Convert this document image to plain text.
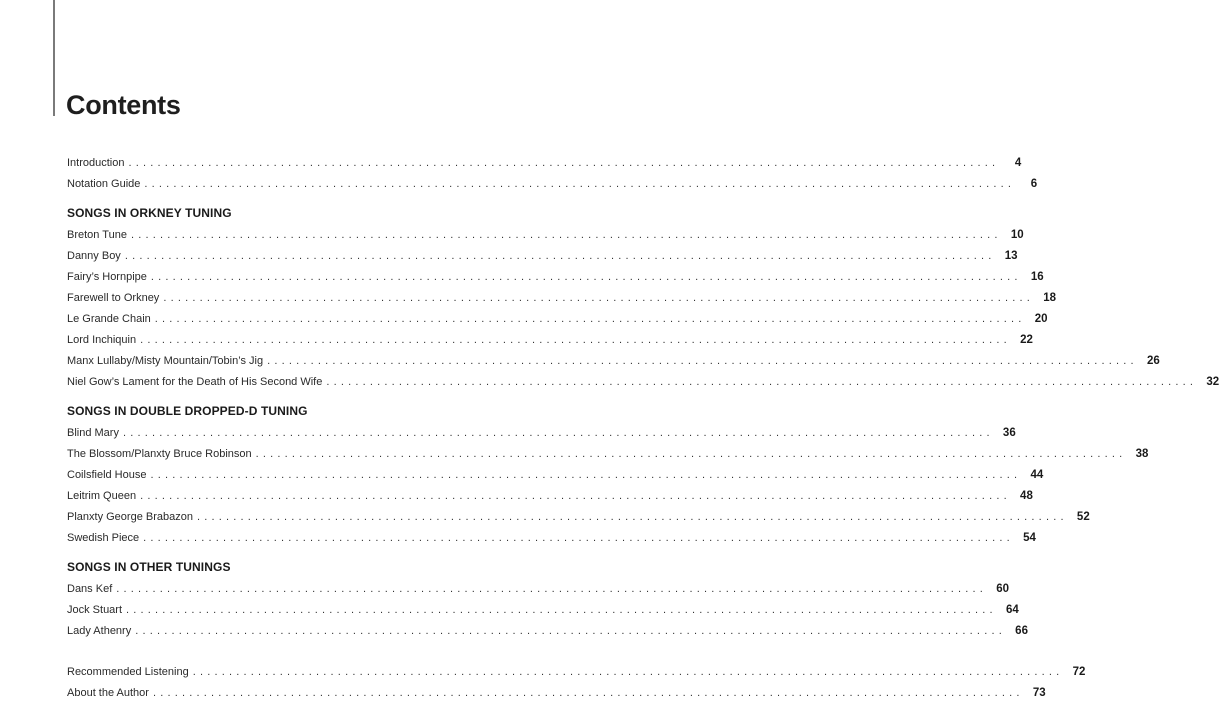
Contents
Introduction ........................................................................................................................	4
Notation Guide ........................................................................................................................	6
SONGS IN ORKNEY TUNING
Breton Tune ........................................................................................................................ 10
Danny Boy ........................................................................................................................ 13
Fairy’s Hornpipe ........................................................................................................................ 16
Farewell to Orkney ........................................................................................................................ 18
Le Grande Chain ........................................................................................................................ 20
Lord Inchiquin ........................................................................................................................ 22
Manx Lullaby/Misty Mountain/Tobin’s Jig ........................................................................................................................ 26
Niel Gow’s Lament for the Death of His Second Wife ........................................................................................................................ 32
SONGS IN DOUBLE DROPPED-D TUNING
Blind Mary ........................................................................................................................ 36
The Blossom/Planxty Bruce Robinson ........................................................................................................................ 38
Coilsfield House ........................................................................................................................ 44
Leitrim Queen ........................................................................................................................ 48
Planxty George Brabazon ........................................................................................................................ 52
Swedish Piece ........................................................................................................................ 54
SONGS IN OTHER TUNINGS
Dans Kef ........................................................................................................................ 60
Jock Stuart ........................................................................................................................ 64
Lady Athenry ........................................................................................................................ 66
Recommended Listening ........................................................................................................................ 72
About the Author ........................................................................................................................ 73
